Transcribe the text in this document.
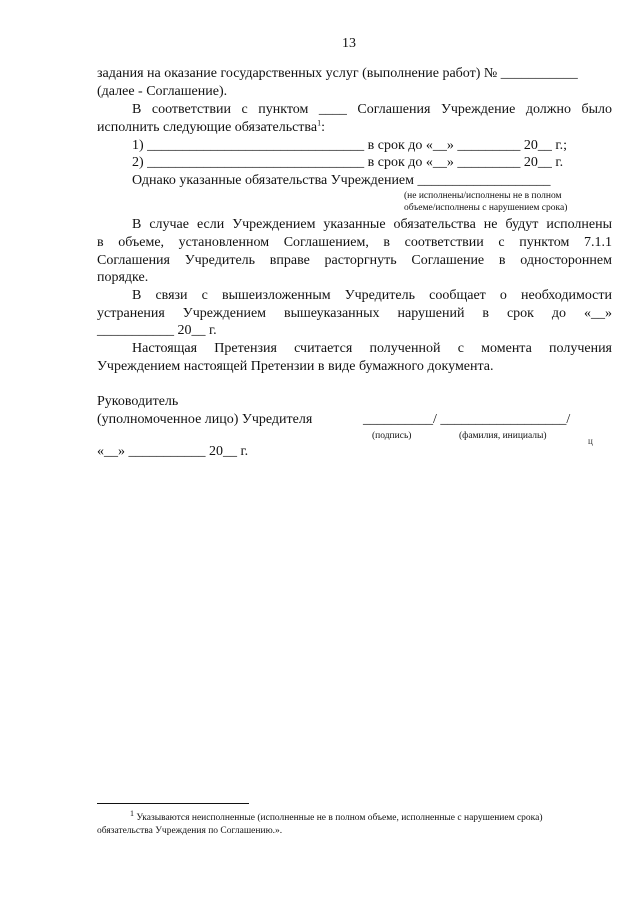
13
задания на оказание государственных услуг (выполнение работ) № ___________
(далее - Соглашение).
В соответствии с пунктом ____ Соглашения Учреждение должно было
исполнить следующие обязательства$^1$:
1) _______________________________ в срок до «__» _________ 20__ г.;
2) _______________________________ в срок до «__» _________ 20__ г.
Однако указанные обязательства Учреждением ___________________
(не исполнены/исполнены не в полном
объеме/исполнены с нарушением срока)
В случае если Учреждением указанные обязательства не будут исполнены
в объеме, установленном Соглашением, в соответствии с пунктом 7.1.1
Соглашения Учредитель вправе расторгнуть Соглашение в одностороннем
порядке.
В связи с вышеизложенным Учредитель сообщает о необходимости
устранения Учреждением вышеуказанных нарушений в срок до «__»
___________ 20__ г.
Настоящая Претензия считается полученной с момента получения
Учреждением настоящей Претензии в виде бумажного документа.
Руководитель
(уполномоченное лицо) Учредителя	__________/ __________________/
(подпись)	(фамилия, инициалы)	ц
«__» ___________ 20__ г.
$^1$ Указываются неисполненные (исполненные не в полном объеме, исполненные с нарушением срока)
обязательства Учреждения по Соглашению.».
